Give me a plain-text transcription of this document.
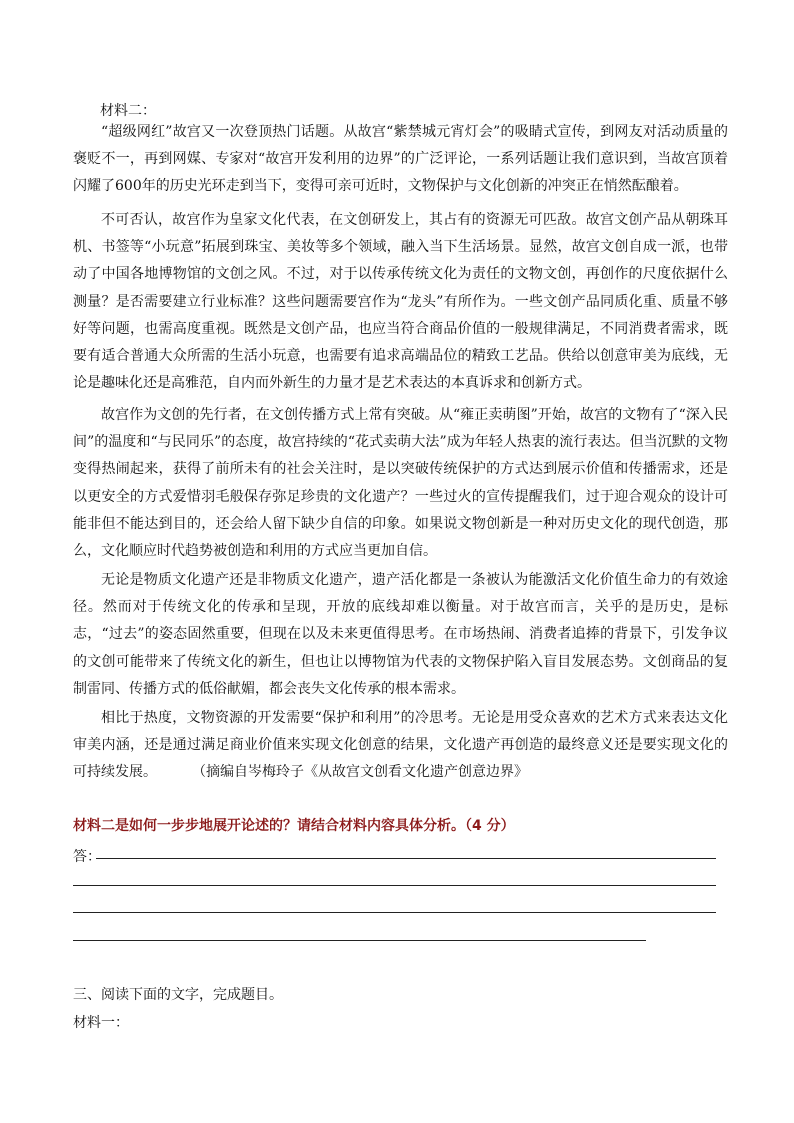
材料二：

“超级网红”故宫又一次登顶热门话题。从故宫“紫禁城元宵灯会”的吸睛式宣传，到网友对活动质量的褒贬不一，再到网媒、专家对“故宫开发利用的边界”的广泛评论，一系列话题让我们意识到，当故宫顶着闪耀了600年的历史光环走到当下，变得可亲可近时，文物保护与文化创新的冲突正在悄然酝酿着。

不可否认，故宫作为皇家文化代表，在文创研发上，其占有的资源无可匹敌。故宫文创产品从朝珠耳机、书签等“小玩意”拓展到珠宝、美妆等多个领域，融入当下生活场景。显然，故宫文创自成一派，也带动了中国各地博物馆的文创之风。不过，对于以传承传统文化为责任的文物文创，再创作的尺度依据什么测量？是否需要建立行业标准？这些问题需要宫作为“龙头”有所作为。一些文创产品同质化重、质量不够好等问题，也需高度重视。既然是文创产品，也应当符合商品价值的一般规律满足，不同消费者需求，既要有适合普通大众所需的生活小玩意，也需要有追求高端品位的精致工艺品。供给以创意审美为底线，无论是趣味化还是高雅范，自内而外新生的力量才是艺术表达的本真诉求和创新方式。

故宫作为文创的先行者，在文创传播方式上常有突破。从“雍正卖萌图”开始，故宫的文物有了“深入民间”的温度和“与民同乐”的态度，故宫持续的“花式卖萌大法”成为年轻人热衷的流行表达。但当沉默的文物变得热闹起来，获得了前所未有的社会关注时，是以突破传统保护的方式达到展示价值和传播需求，还是以更安全的方式爱惜羽毛般保存弥足珍贵的文化遗产？一些过火的宣传提醒我们，过于迎合观众的设计可能非但不能达到目的，还会给人留下缺少自信的印象。如果说文物创新是一种对历史文化的现代创造，那么，文化顺应时代趋势被创造和利用的方式应当更加自信。

无论是物质文化遗产还是非物质文化遗产，遗产活化都是一条被认为能激活文化价值生命力的有效途径。然而对于传统文化的传承和呈现，开放的底线却难以衡量。对于故宫而言，关乎的是历史，是标志，“过去”的姿态固然重要，但现在以及未来更值得思考。在市场热闹、消费者追捧的背景下，引发争议的文创可能带来了传统文化的新生，但也让以博物馆为代表的文物保护陷入盲目发展态势。文创商品的复制雷同、传播方式的低俗献媚，都会丧失文化传承的根本需求。

相比于热度，文物资源的开发需要“保护和利用”的冷思考。无论是用受众喜欢的艺术方式来表达文化审美内涵，还是通过满足商业价值来实现文化创意的结果，文化遗产再创造的最终意义还是要实现文化的可持续发展。	（摘编自岑梅玲子《从故宫文创看文化遗产创意边界》

材料二是如何一步步地展开论述的？请结合材料内容具体分析。（4 分）
答：
三、阅读下面的文字，完成题目。
材料一：
